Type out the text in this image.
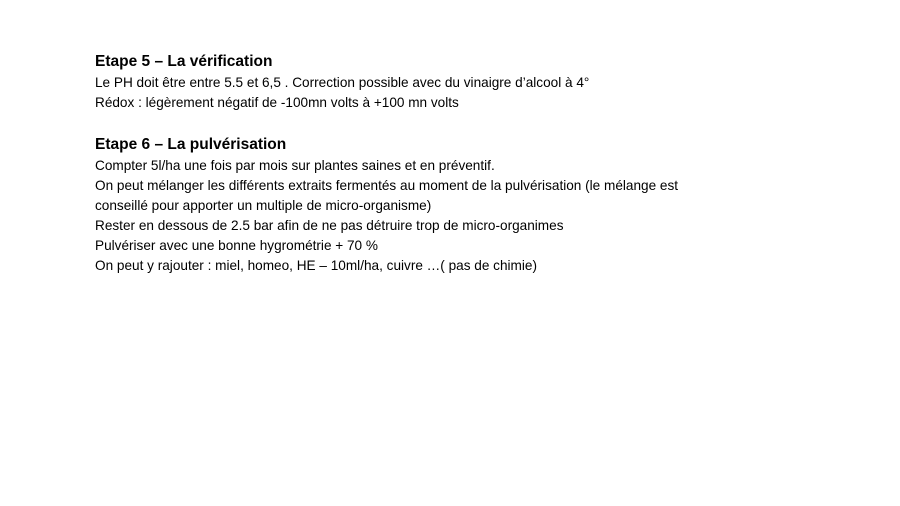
Etape 5 – La vérification

Le PH doit être entre 5.5 et 6,5 . Correction possible avec du vinaigre d’alcool à 4°

Rédox : légèrement négatif de -100mn volts à +100 mn volts

Etape 6 – La pulvérisation

Compter 5l/ha une fois par mois sur plantes saines et en préventif.

On peut mélanger les différents extraits fermentés au moment de la pulvérisation (le mélange est

conseillé pour apporter un multiple de micro-organisme)

Rester en dessous de 2.5 bar afin de ne pas détruire trop de micro-organimes

Pulvériser avec une bonne hygrométrie + 70 %

On peut y rajouter : miel, homeo, HE – 10ml/ha, cuivre …( pas de chimie)
